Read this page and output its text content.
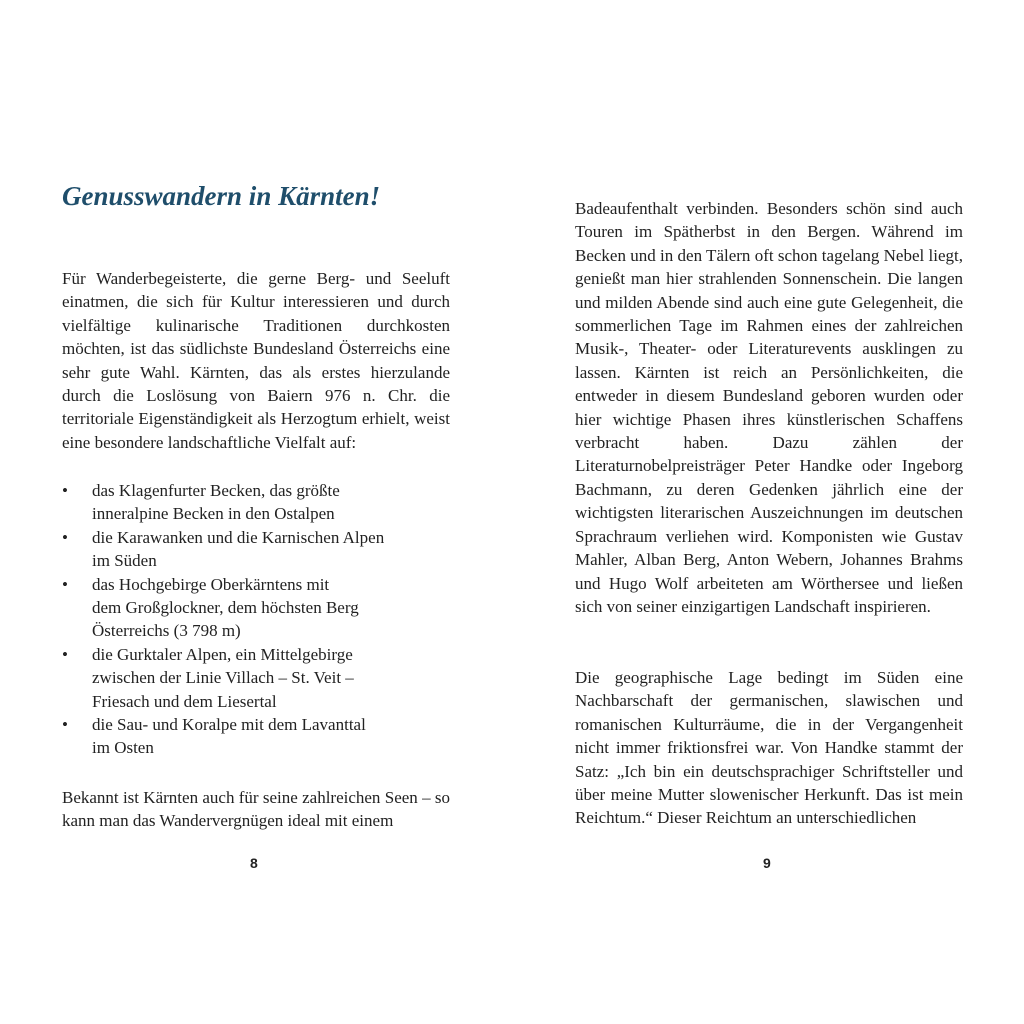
Genusswandern in Kärnten!

Für Wanderbegeisterte, die gerne Berg- und Seeluft einatmen, die sich für Kultur interessieren und durch vielfältige kulinarische Traditionen durchkosten möchten, ist das südlichste Bundesland Österreichs eine sehr gute Wahl. Kärnten, das als erstes hierzulande durch die Loslösung von Baiern 976 n. Chr. die territoriale Eigenständigkeit als Herzogtum erhielt, weist eine besondere landschaftliche Vielfalt auf:

• das Klagenfurter Becken, das größte
inneralpine Becken in den Ostalpen
• die Karawanken und die Karnischen Alpen
im Süden
• das Hochgebirge Oberkärntens mit
dem Großglockner, dem höchsten Berg
Österreichs (3 798 m)
• die Gurktaler Alpen, ein Mittelgebirge
zwischen der Linie Villach – St. Veit –
Friesach und dem Liesertal
• die Sau- und Koralpe mit dem Lavanttal
im Osten

Bekannt ist Kärnten auch für seine zahlreichen Seen – so kann man das Wandervergnügen ideal mit einem

8

Badeaufenthalt verbinden. Besonders schön sind auch Touren im Spätherbst in den Bergen. Während im Becken und in den Tälern oft schon tagelang Nebel liegt, genießt man hier strahlenden Sonnenschein. Die langen und milden Abende sind auch eine gute Gelegenheit, die sommerlichen Tage im Rahmen eines der zahlreichen Musik-, Theater- oder Literaturevents ausklingen zu lassen. Kärnten ist reich an Persönlichkeiten, die entweder in diesem Bundesland geboren wurden oder hier wichtige Phasen ihres künstlerischen Schaffens verbracht haben. Dazu zählen der Literaturnobelpreisträger Peter Handke oder Ingeborg Bachmann, zu deren Gedenken jährlich eine der wichtigsten literarischen Auszeichnungen im deutschen Sprachraum verliehen wird. Komponisten wie Gustav Mahler, Alban Berg, Anton Webern, Johannes Brahms und Hugo Wolf arbeiteten am Wörthersee und ließen sich von seiner einzigartigen Landschaft inspirieren.

Die geographische Lage bedingt im Süden eine Nachbarschaft der germanischen, slawischen und romanischen Kulturräume, die in der Vergangenheit nicht immer friktionsfrei war. Von Handke stammt der Satz: „Ich bin ein deutschsprachiger Schriftsteller und über meine Mutter slowenischer Herkunft. Das ist mein Reichtum.“ Dieser Reichtum an unterschiedlichen

9
